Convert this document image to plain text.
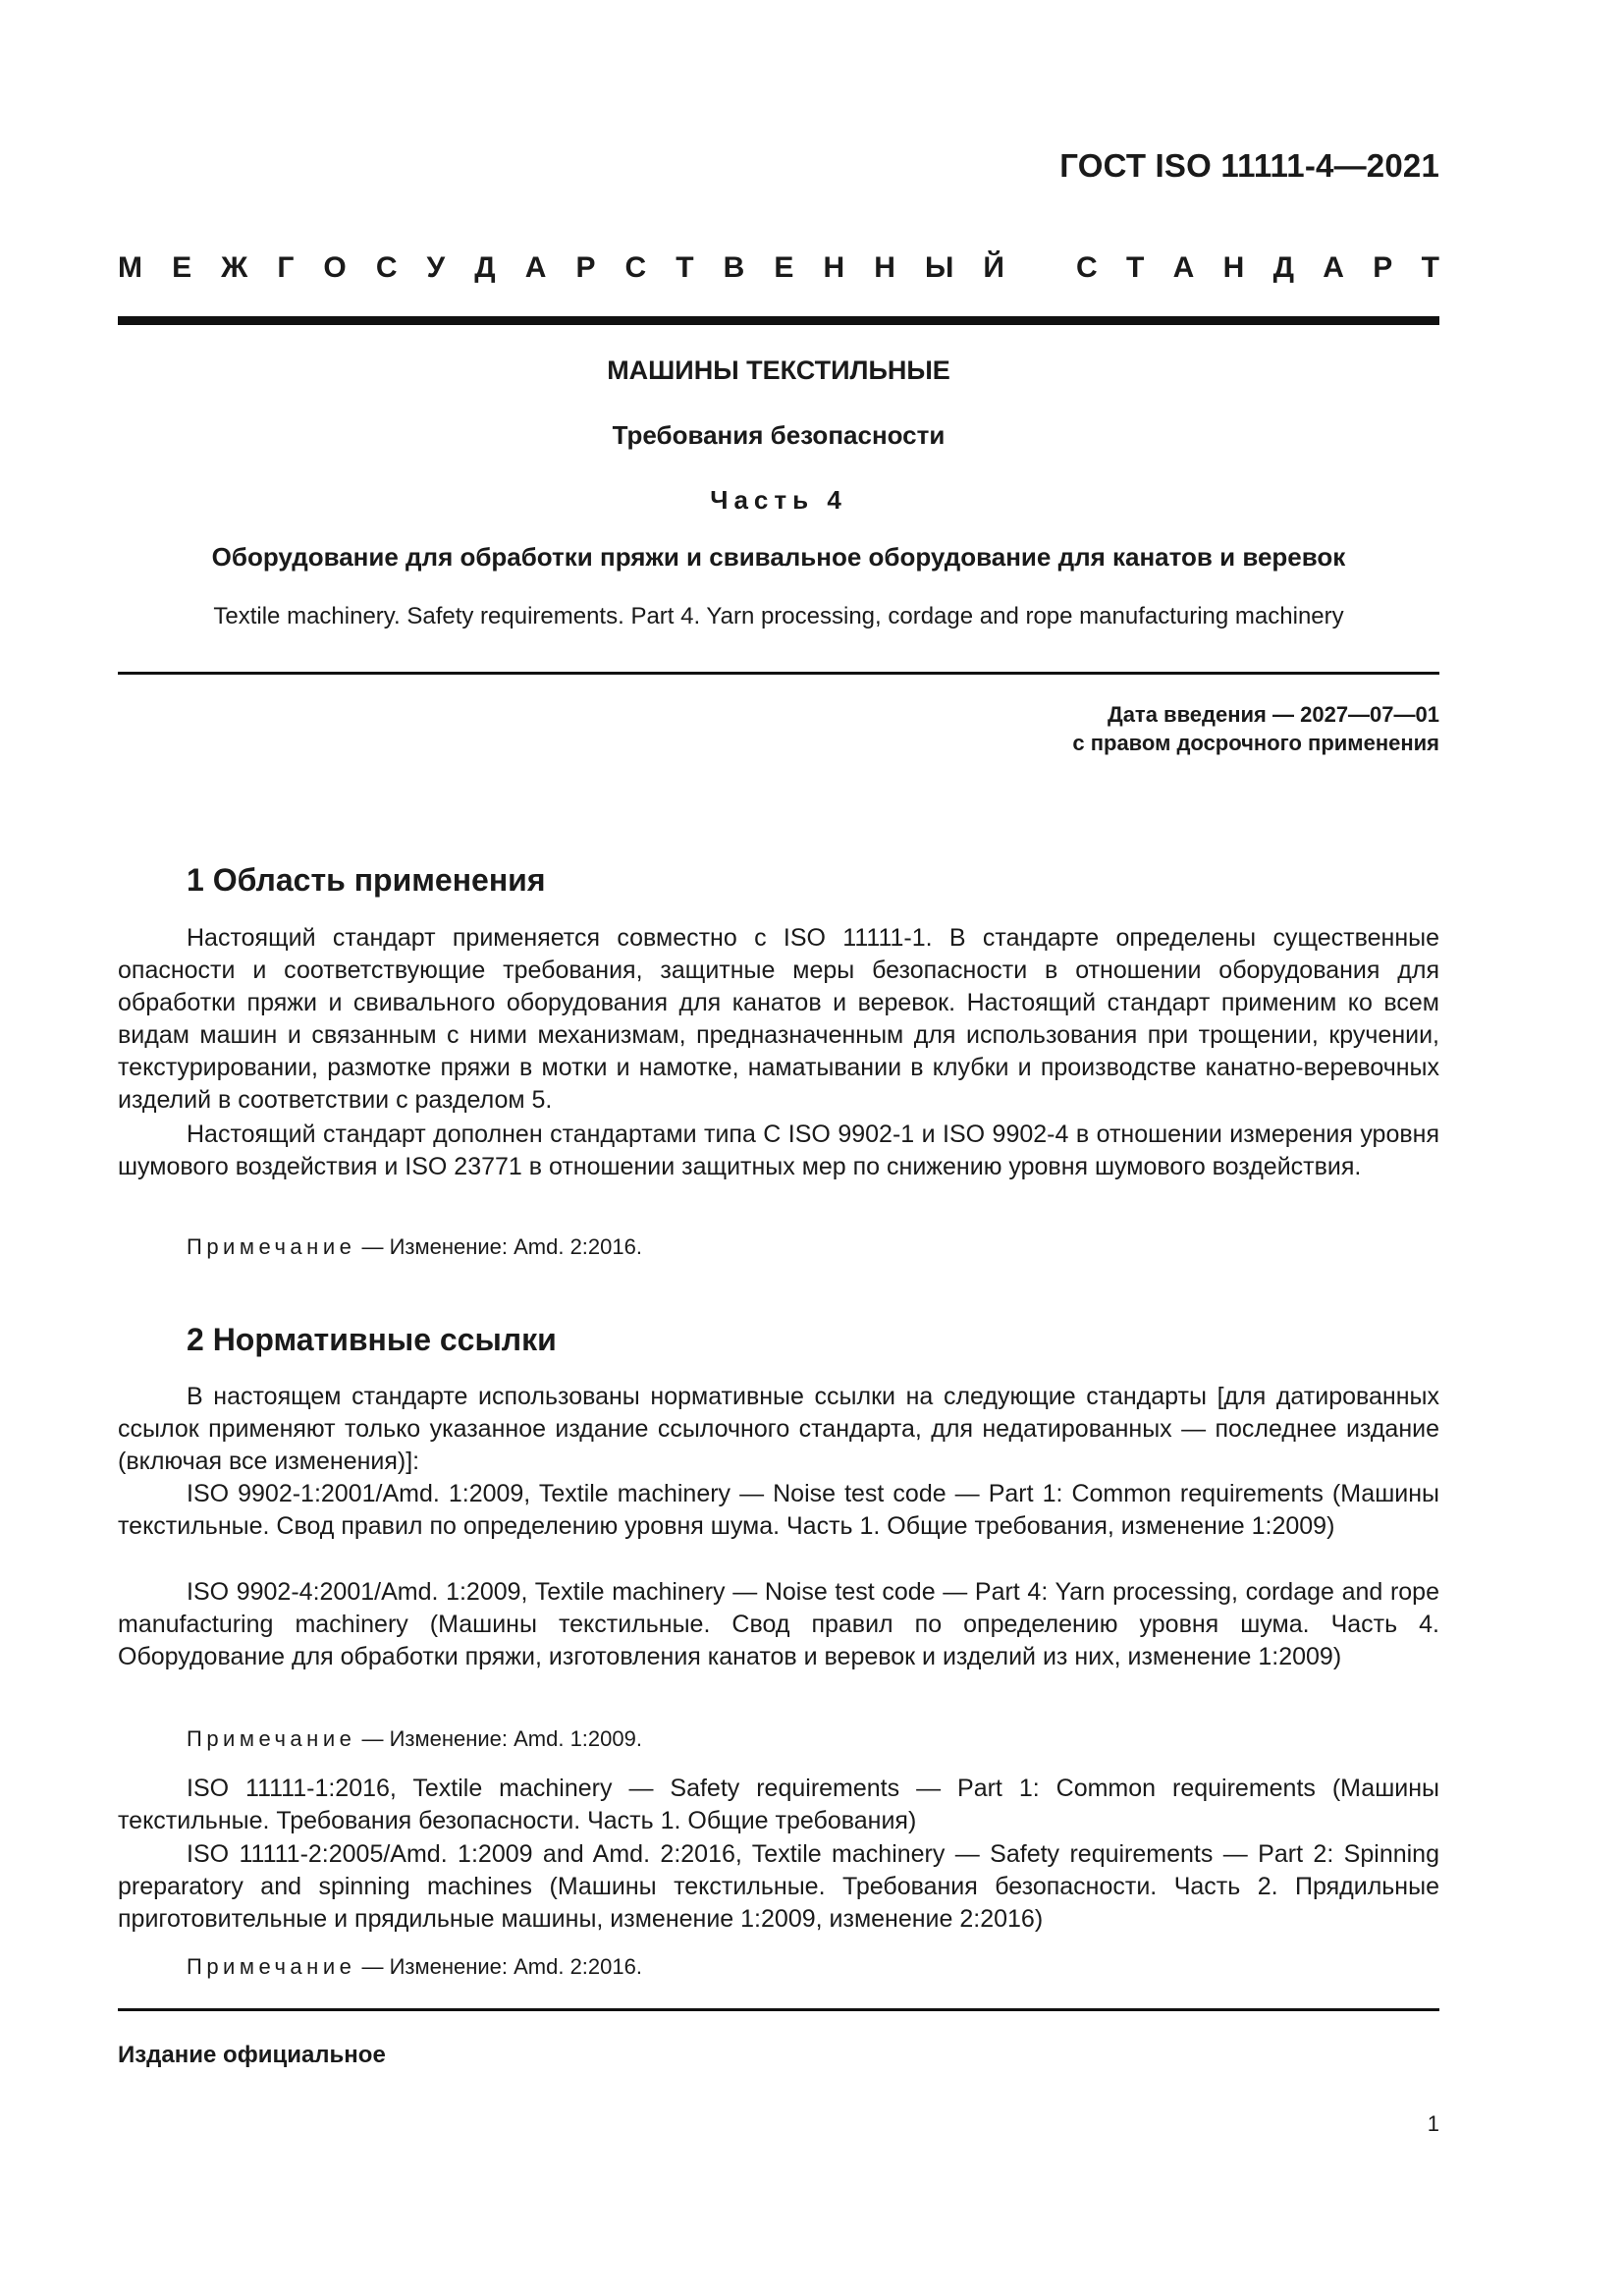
ГОСТ ISO 11111-4—2021
М Е Ж Г О С У Д А Р С Т В Е Н Н Ы Й С Т А Н Д А Р Т
МАШИНЫ ТЕКСТИЛЬНЫЕ
Требования безопасности
Часть 4
Оборудование для обработки пряжи и свивальное оборудование для канатов и веревок
Textile machinery. Safety requirements. Part 4. Yarn processing, cordage and rope manufacturing machinery
Дата введения — 2027—07—01
с правом досрочного применения
1 Область применения
Настоящий стандарт применяется совместно с ISO 11111-1. В стандарте определены существенные опасности и соответствующие требования, защитные меры безопасности в отношении оборудования для обработки пряжи и свивального оборудования для канатов и веревок. Настоящий стандарт применим ко всем видам машин и связанным с ними механизмам, предназначенным для использования при трощении, кручении, текстурировании, размотке пряжи в мотки и намотке, наматывании в клубки и производстве канатно-веревочных изделий в соответствии с разделом 5.
Настоящий стандарт дополнен стандартами типа С ISO 9902-1 и ISO 9902-4 в отношении измерения уровня шумового воздействия и ISO 23771 в отношении защитных мер по снижению уровня шумового воздействия.
Примечание — Изменение: Amd. 2:2016.
2 Нормативные ссылки
В настоящем стандарте использованы нормативные ссылки на следующие стандарты [для датированных ссылок применяют только указанное издание ссылочного стандарта, для недатированных — последнее издание (включая все изменения)]:
ISO 9902-1:2001/Amd. 1:2009, Textile machinery — Noise test code — Part 1: Common requirements (Машины текстильные. Свод правил по определению уровня шума. Часть 1. Общие требования, изменение 1:2009)
ISO 9902-4:2001/Amd. 1:2009, Textile machinery — Noise test code — Part 4: Yarn processing, cordage and rope manufacturing machinery (Машины текстильные. Свод правил по определению уровня шума. Часть 4. Оборудование для обработки пряжи, изготовления канатов и веревок и изделий из них, изменение 1:2009)
Примечание — Изменение: Amd. 1:2009.
ISO 11111-1:2016, Textile machinery — Safety requirements — Part 1: Common requirements (Машины текстильные. Требования безопасности. Часть 1. Общие требования)
ISO 11111-2:2005/Amd. 1:2009 and Amd. 2:2016, Textile machinery — Safety requirements — Part 2: Spinning preparatory and spinning machines (Машины текстильные. Требования безопасности. Часть 2. Прядильные приготовительные и прядильные машины, изменение 1:2009, изменение 2:2016)
Примечание — Изменение: Amd. 2:2016.
Издание официальное
1
